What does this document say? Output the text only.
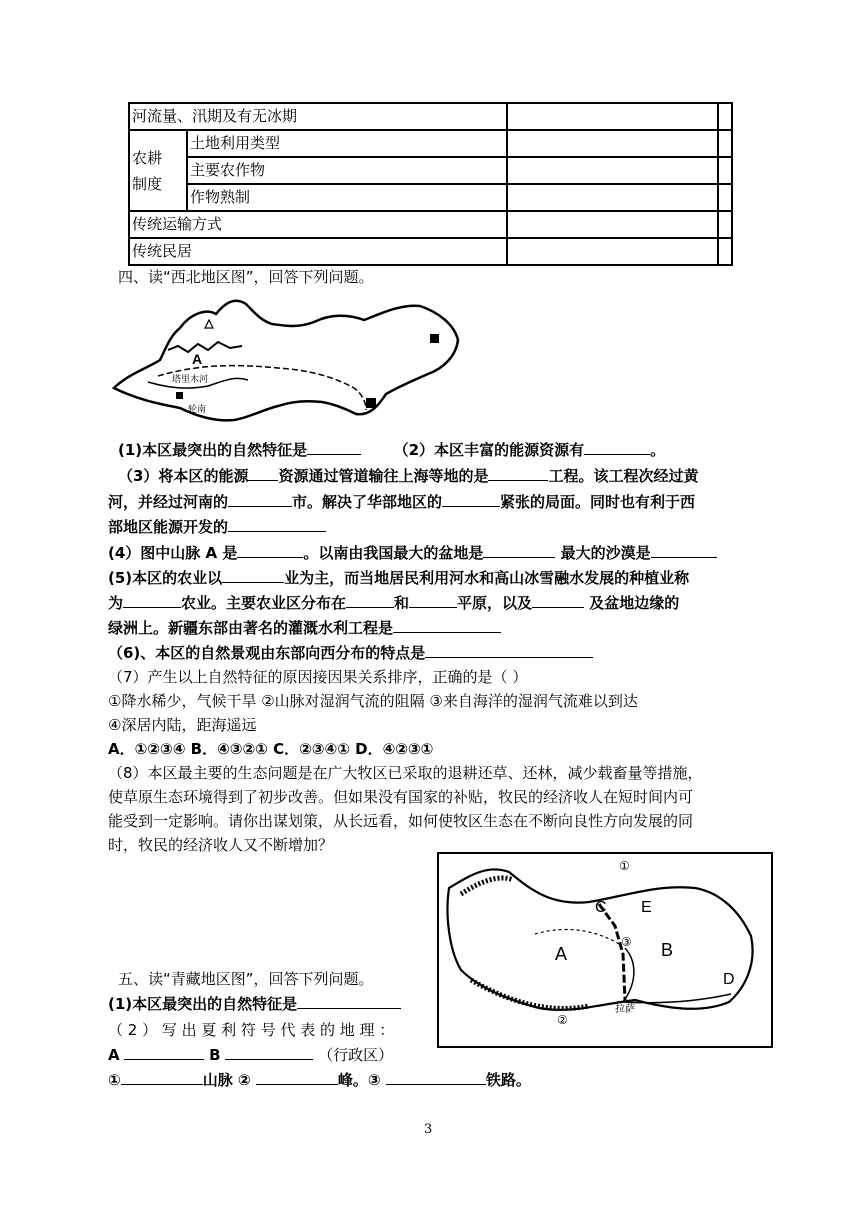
河流量、汛期及有无冰期			
农耕
制度	土地利用类型		
	主要农作物		
	作物熟制		
传统运输方式			
传统民居			
四、读“西北地区图”，回答下列问题。
A
塔里木河
轮南
(1)本区最突出的自然特征是	（2）本区丰富的能源资源有	。
（3）将本区的能源 资源通过管道输往上海等地的是	工程。该工程次经过黄
河，并经过河南的	市。解决了华部地区的	紧张的局面。同时也有利于西
部地区能源开发的
(4）图中山脉 A 是	。以南由我国最大的盆地是	最大的沙漠是
(5)本区的农业以	业为主，而当地居民利用河水和高山冰雪融水发展的种植业称
为	农业。主要农业区分布在	和	平原，以及	及盆地边缘的
绿洲上。新疆东部由著名的灌溉水利工程是
（6)、本区的自然景观由东部向西分布的特点是
（7）产生以上自然特征的原因接因果关系排序，正确的是（ ）
①降水稀少，气候干旱 ②山脉对湿润气流的阻隔 ③来自海洋的湿润气流难以到达
④深居内陆，距海遥远
A．①②③④ B．④③②① C．②③④① D．④②③①
（8）本区最主要的生态问题是在广大牧区已采取的退耕还草、还林，减少载畜量等措施，
使草原生态环境得到了初步改善。但如果没有国家的补贴，牧民的经济收人在短时间内可
能受到一定影响。请你出谋划策，从长远看，如何使牧区生态在不断向良性方向发展的同
时，牧民的经济收人又不断增加？
①
②
③
A	B
C
D
E
拉萨
五、读“青藏地区图”，回答下列问题。
(1)本区最突出的自然特征是
（ 2 ） 写 出 夏 利 符 号 代 表 的 地 理 ：
A	B	（行政区）
①	山脉 ②	峰。③	铁路。
3
